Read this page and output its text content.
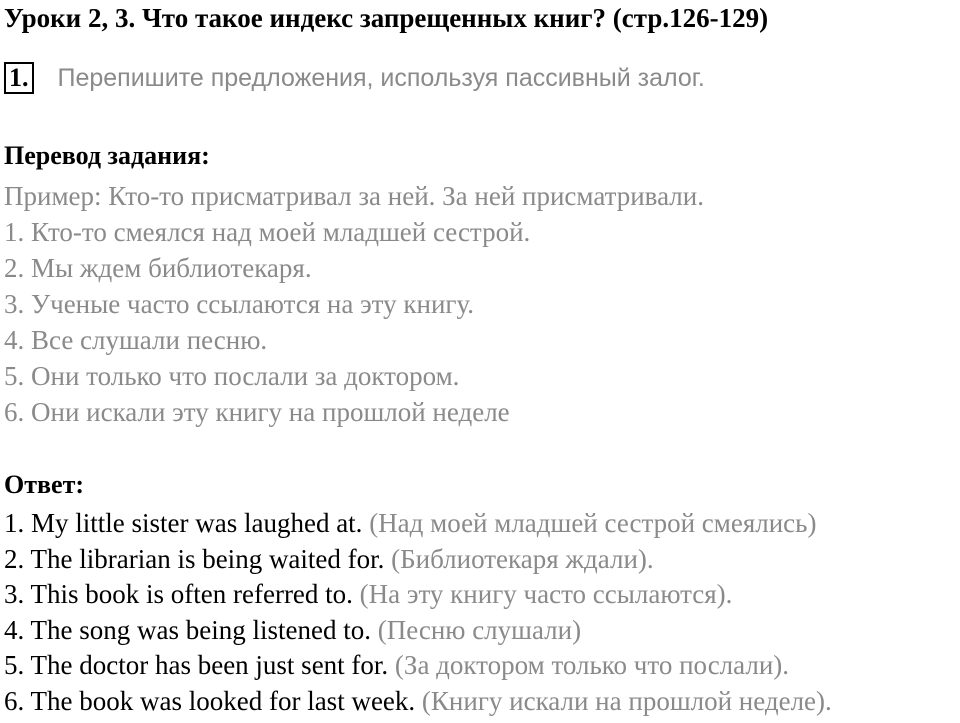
Уроки 2, 3. Что такое индекс запрещенных книг? (стр.126-129)
1. Перепишите предложения, используя пассивный залог.
Перевод задания:
Пример: Кто-то присматривал за ней. За ней присматривали.
1. Кто-то смеялся над моей младшей сестрой.
2. Мы ждем библиотекаря.
3. Ученые часто ссылаются на эту книгу.
4. Все слушали песню.
5. Они только что послали за доктором.
6. Они искали эту книгу на прошлой неделе
Ответ:
1. My little sister was laughed at. (Над моей младшей сестрой смеялись)
2. The librarian is being waited for. (Библиотекаря ждали).
3. This book is often referred to. (На эту книгу часто ссылаются).
4. The song was being listened to. (Песню слушали)
5. The doctor has been just sent for. (За доктором только что послали).
6. The book was looked for last week. (Книгу искали на прошлой неделе).
